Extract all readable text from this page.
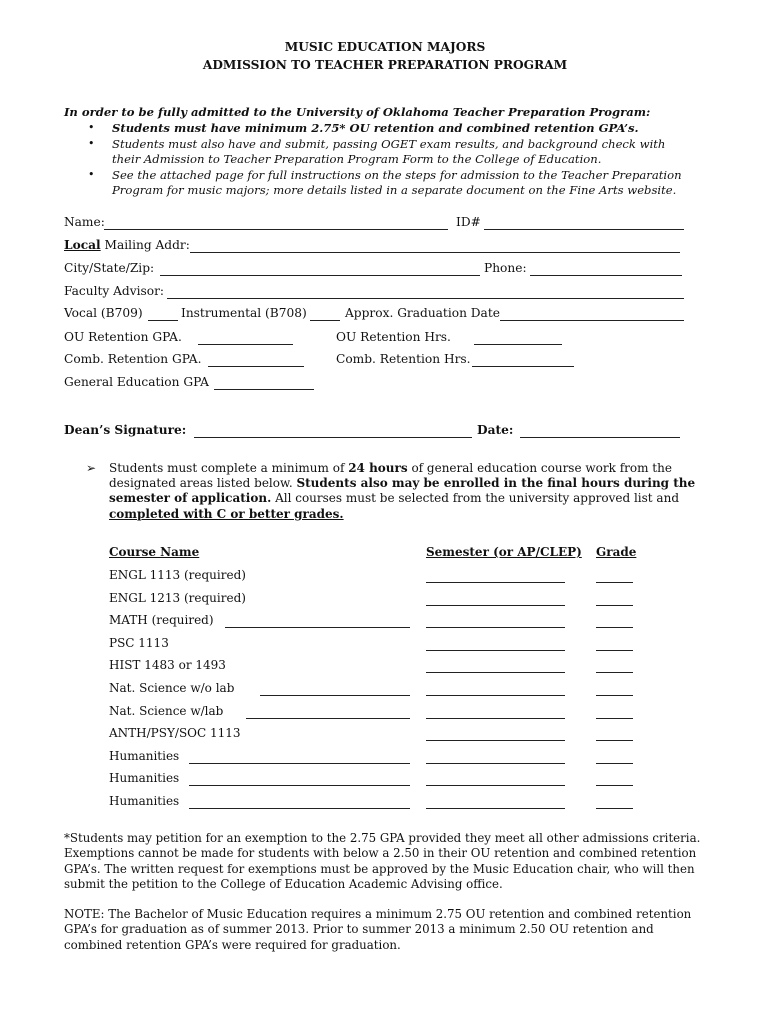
MUSIC EDUCATION MAJORS
ADMISSION TO TEACHER PREPARATION PROGRAM
In order to be fully admitted to the University of Oklahoma Teacher Preparation Program:
• Students must have minimum 2.75* OU retention and combined retention GPA’s.
• Students must also have and submit, passing OGET exam results, and background check with
their Admission to Teacher Preparation Program Form to the College of Education.
• See the attached page for full instructions on the steps for admission to the Teacher Preparation
Program for music majors; more details listed in a separate document on the Fine Arts website.
Name:	ID#
Local Mailing Addr:
City/State/Zip:	Phone:
Faculty Advisor:
Vocal (B709)	Instrumental (B708)	Approx. Graduation Date
OU Retention GPA.	OU Retention Hrs.
Comb. Retention GPA.	Comb. Retention Hrs.
General Education GPA
Dean’s Signature:	Date:
➢ Students must complete a minimum of 24 hours of general education course work from the
designated areas listed below. Students also may be enrolled in the final hours during the
semester of application. All courses must be selected from the university approved list and
completed with C or better grades.
Course Name	Semester (or AP/CLEP) Grade
ENGL 1113 (required)
ENGL 1213 (required)
MATH (required)
PSC 1113
HIST 1483 or 1493
Nat. Science w/o lab
Nat. Science w/lab
ANTH/PSY/SOC 1113
Humanities
Humanities
Humanities
*Students may petition for an exemption to the 2.75 GPA provided they meet all other admissions criteria. Exemptions cannot be made for students with below a 2.50 in their OU retention and combined retention GPA’s. The written request for exemptions must be approved by the Music Education chair, who will then submit the petition to the College of Education Academic Advising office.
NOTE: The Bachelor of Music Education requires a minimum 2.75 OU retention and combined retention GPA’s for graduation as of summer 2013. Prior to summer 2013 a minimum 2.50 OU retention and combined retention GPA’s were required for graduation.
